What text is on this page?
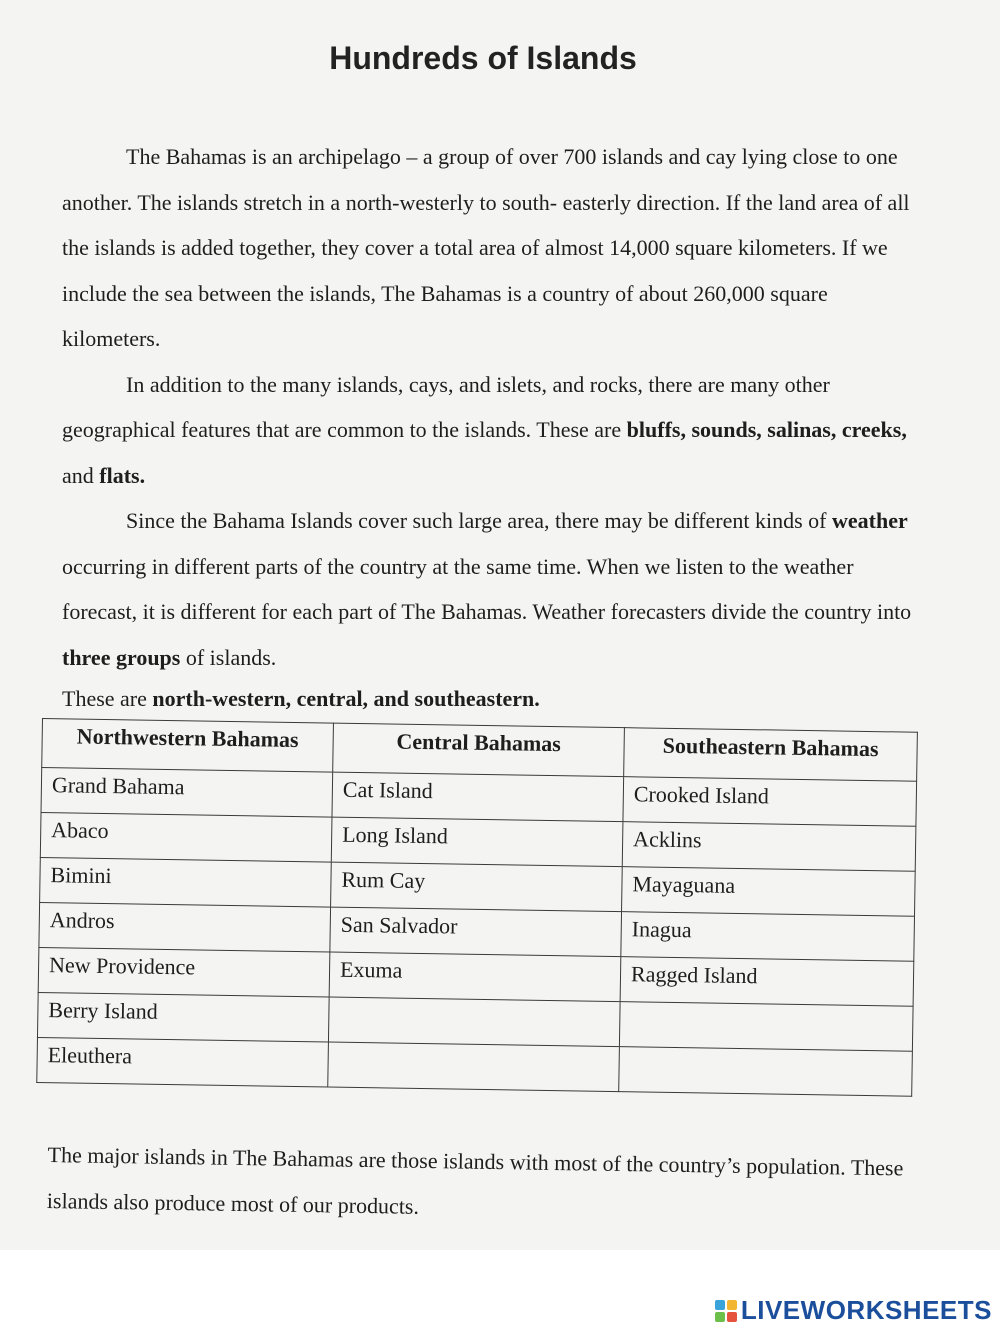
Hundreds of Islands

The Bahamas is an archipelago – a group of over 700 islands and cay lying close to one another. The islands stretch in a north-westerly to south- easterly direction. If the land area of all the islands is added together, they cover a total area of almost 14,000 square kilometers. If we include the sea between the islands, The Bahamas is a country of about 260,000 square kilometers.

In addition to the many islands, cays, and islets, and rocks, there are many other geographical features that are common to the islands. These are bluffs, sounds, salinas, creeks, and flats.

Since the Bahama Islands cover such large area, there may be different kinds of weather occurring in different parts of the country at the same time. When we listen to the weather forecast, it is different for each part of The Bahamas. Weather forecasters divide the country into three groups of islands.

These are north-western, central, and southeastern.

Northwestern Bahamas	Central Bahamas	Southeastern Bahamas
Grand Bahama	Cat Island	Crooked Island
Abaco	Long Island	Acklins
Bimini	Rum Cay	Mayaguana
Andros	San Salvador	Inagua
New Providence	Exuma	Ragged Island
Berry Island		
Eleuthera		

The major islands in The Bahamas are those islands with most of the country’s population. These islands also produce most of our products.

LIVEWORKSHEETS
